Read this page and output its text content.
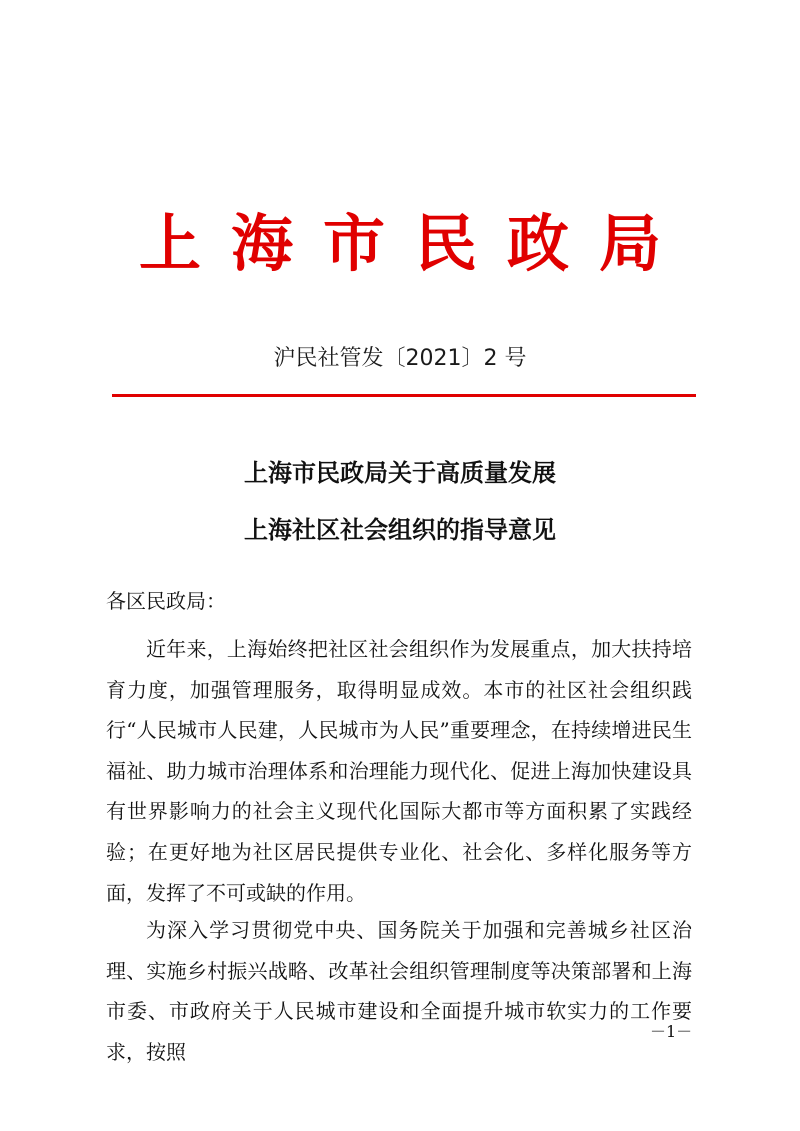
上海市民政局
沪民社管发〔2021〕2 号
上海市民政局关于高质量发展
上海社区社会组织的指导意见
各区民政局：

近年来，上海始终把社区社会组织作为发展重点，加大扶持培育力度，加强管理服务，取得明显成效。本市的社区社会组织践行“人民城市人民建，人民城市为人民”重要理念，在持续增进民生福祉、助力城市治理体系和治理能力现代化、促进上海加快建设具有世界影响力的社会主义现代化国际大都市等方面积累了实践经验；在更好地为社区居民提供专业化、社会化、多样化服务等方面，发挥了不可或缺的作用。

为深入学习贯彻党中央、国务院关于加强和完善城乡社区治理、实施乡村振兴战略、改革社会组织管理制度等决策部署和上海市委、市政府关于人民城市建设和全面提升城市软实力的工作要求，按照

－1－
